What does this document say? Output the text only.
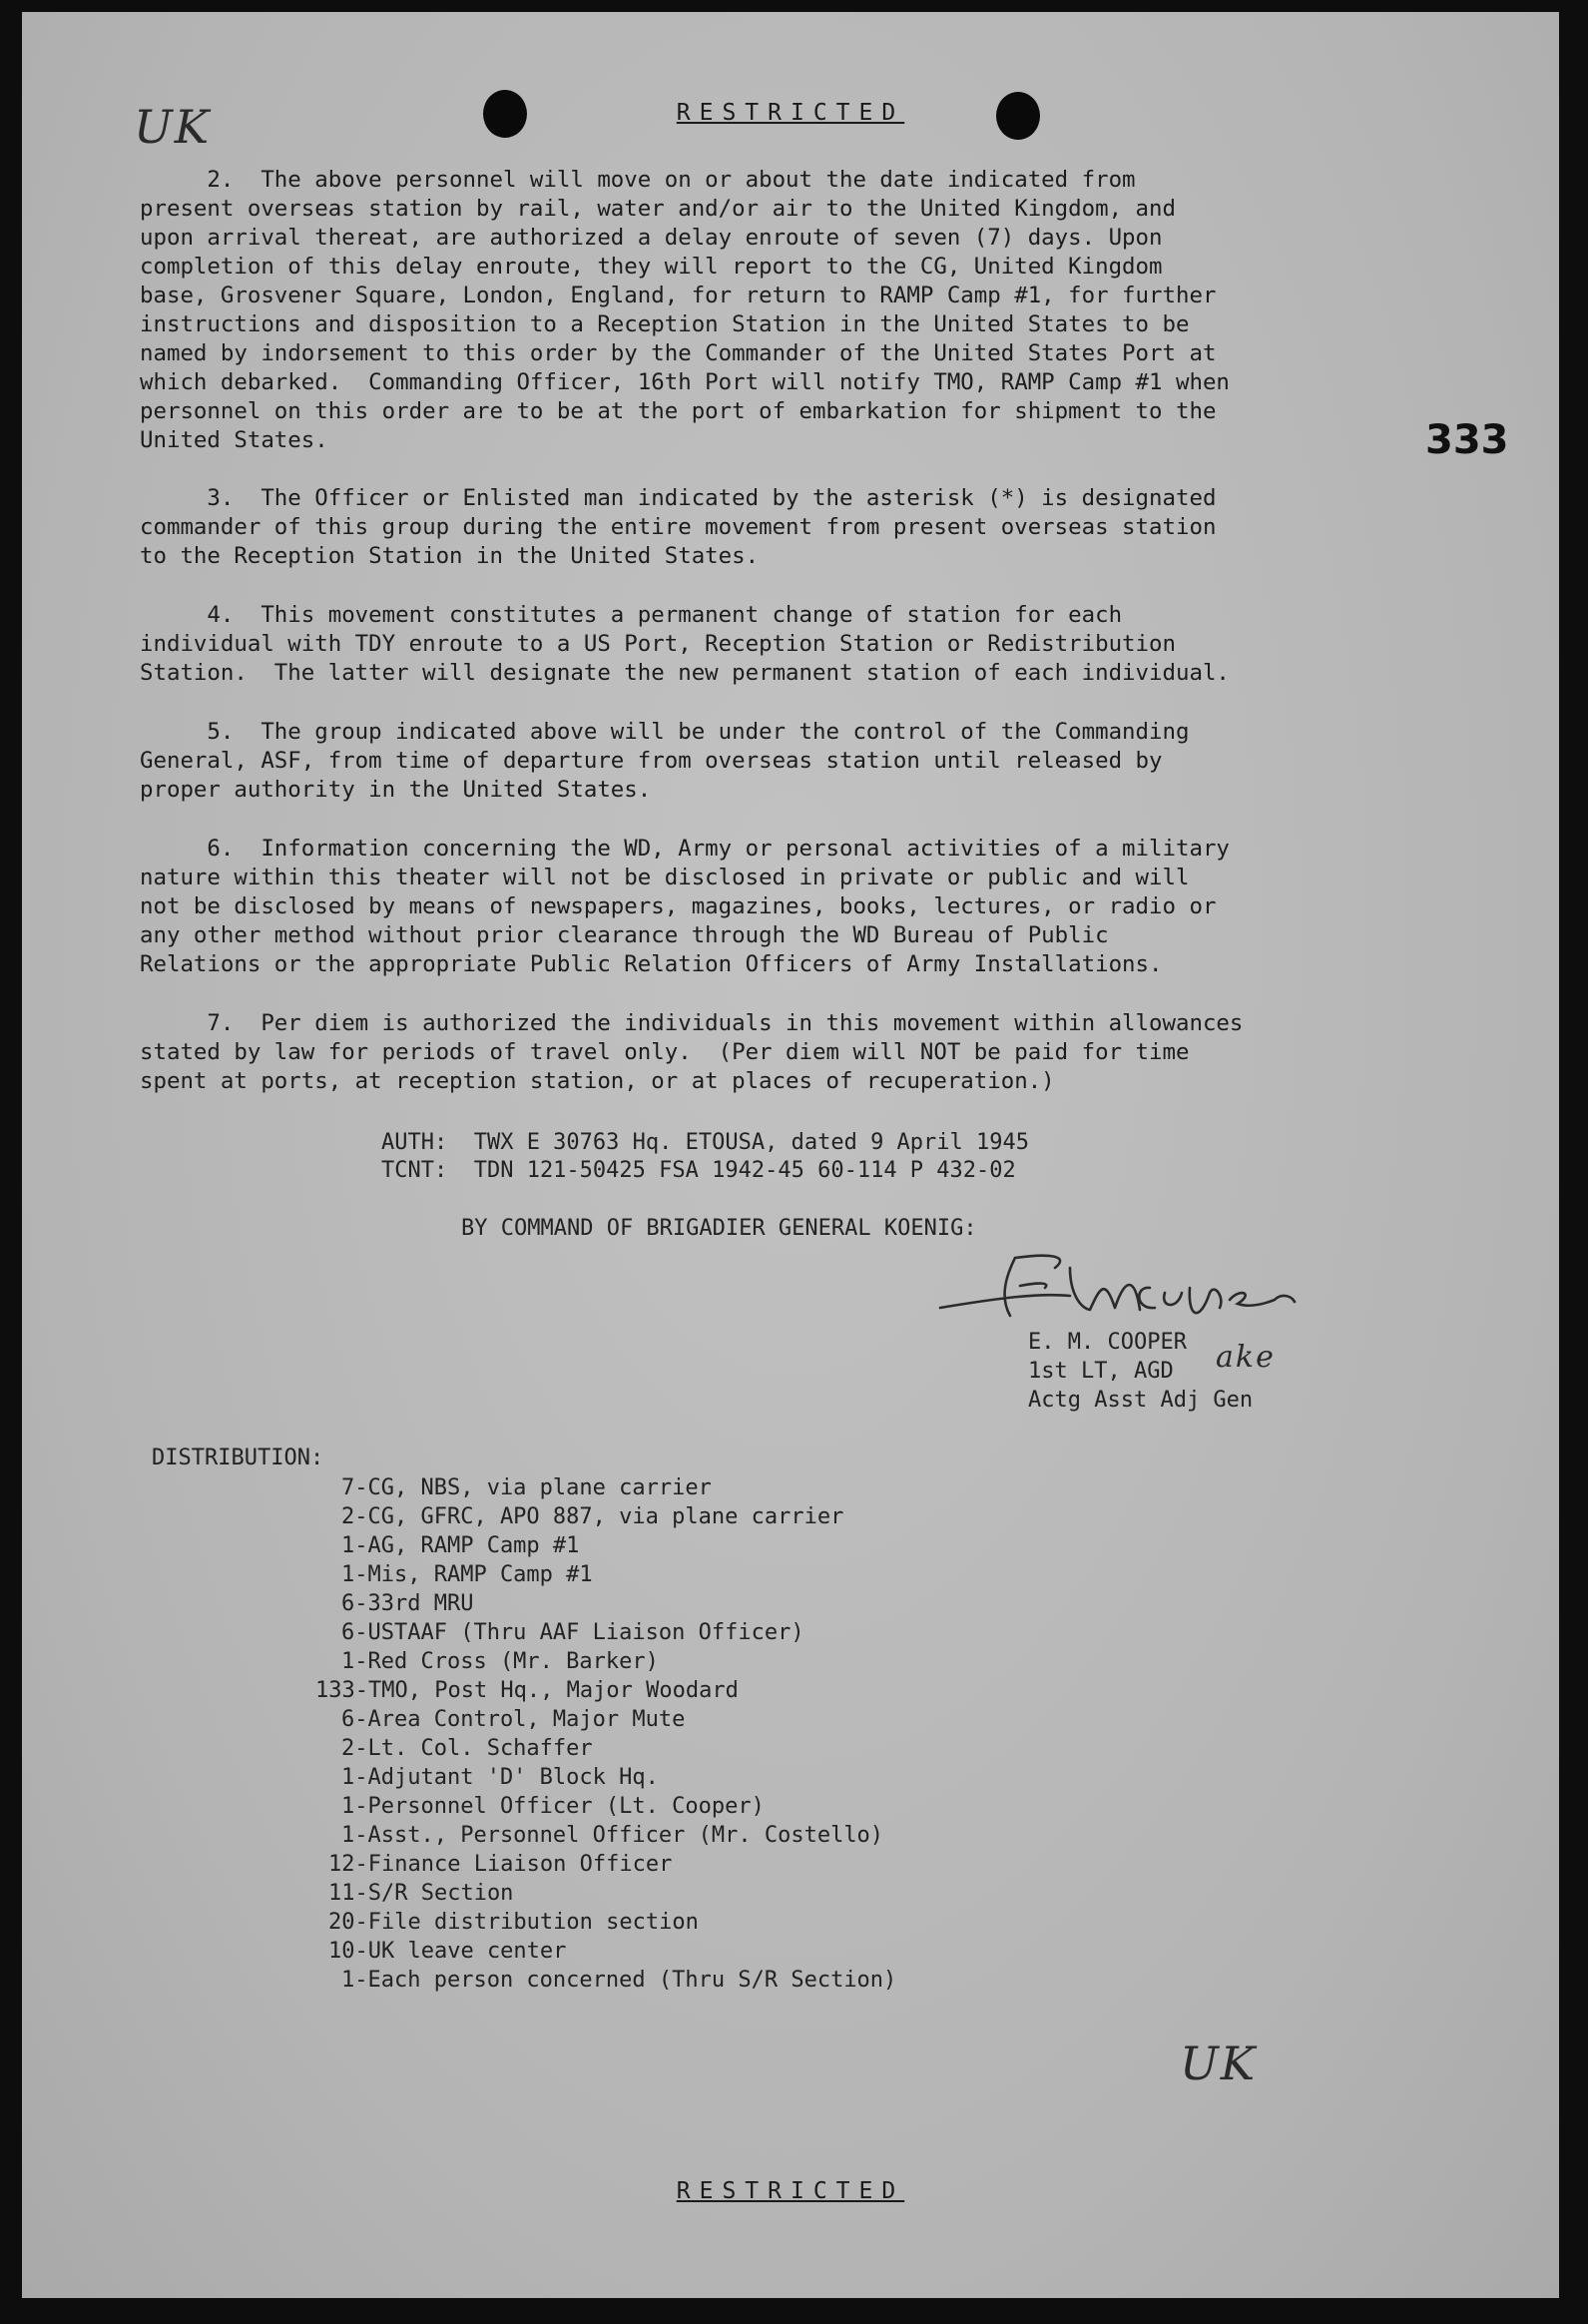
UK	RESTRICTED
333
2.  The above personnel will move on or about the date indicated from
present overseas station by rail, water and/or air to the United Kingdom, and
upon arrival thereat, are authorized a delay enroute of seven (7) days. Upon
completion of this delay enroute, they will report to the CG, United Kingdom
base, Grosvener Square, London, England, for return to RAMP Camp #1, for further
instructions and disposition to a Reception Station in the United States to be
named by indorsement to this order by the Commander of the United States Port at
which debarked.  Commanding Officer, 16th Port will notify TMO, RAMP Camp #1 when
personnel on this order are to be at the port of embarkation for shipment to the
United States.
3.  The Officer or Enlisted man indicated by the asterisk (*) is designated
commander of this group during the entire movement from present overseas station
to the Reception Station in the United States.
4.  This movement constitutes a permanent change of station for each
individual with TDY enroute to a US Port, Reception Station or Redistribution
Station.  The latter will designate the new permanent station of each individual.
5.  The group indicated above will be under the control of the Commanding
General, ASF, from time of departure from overseas station until released by
proper authority in the United States.
6.  Information concerning the WD, Army or personal activities of a military
nature within this theater will not be disclosed in private or public and will
not be disclosed by means of newspapers, magazines, books, lectures, or radio or
any other method without prior clearance through the WD Bureau of Public
Relations or the appropriate Public Relation Officers of Army Installations.
7.  Per diem is authorized the individuals in this movement within allowances
stated by law for periods of travel only.  (Per diem will NOT be paid for time
spent at ports, at reception station, or at places of recuperation.)
AUTH:  TWX E 30763 Hq. ETOUSA, dated 9 April 1945
TCNT:  TDN 121-50425 FSA 1942-45 60-114 P 432-02
BY COMMAND OF BRIGADIER GENERAL KOENIG:
E. M. COOPER
1st LT, AGD
Actg Asst Adj Gen
ake
DISTRIBUTION:
7-CG, NBS, via plane carrier
2-CG, GFRC, APO 887, via plane carrier
1-AG, RAMP Camp #1
1-Mis, RAMP Camp #1
6-33rd MRU
6-USTAAF (Thru AAF Liaison Officer)
1-Red Cross (Mr. Barker)
133-TMO, Post Hq., Major Woodard
6-Area Control, Major Mute
2-Lt. Col. Schaffer
1-Adjutant 'D' Block Hq.
1-Personnel Officer (Lt. Cooper)
1-Asst., Personnel Officer (Mr. Costello)
12-Finance Liaison Officer
11-S/R Section
20-File distribution section
10-UK leave center
1-Each person concerned (Thru S/R Section)
UK
RESTRICTED
